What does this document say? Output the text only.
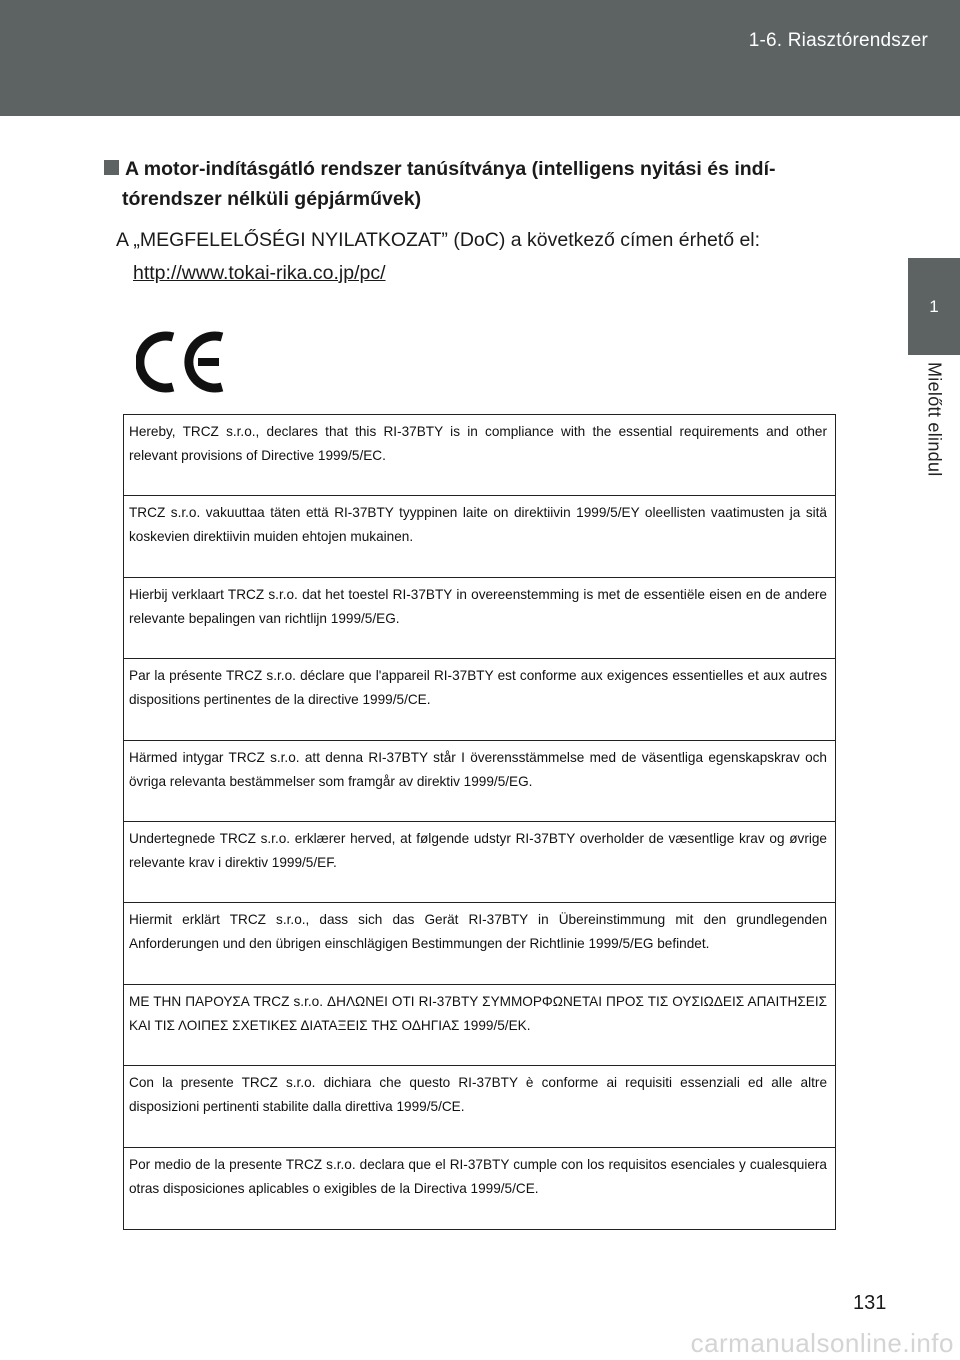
1-6. Riasztórendszer
1
Mielőtt elindul
A motor-indításgátló rendszer tanúsítványa (intelligens nyitási és indí-
tórendszer nélküli gépjárművek)
A „MEGFELELŐSÉGI NYILATKOZAT” (DoC) a következő címen érhető el:
http://www.tokai-rika.co.jp/pc/
Hereby, TRCZ s.r.o., declares that this RI-37BTY is in compliance with the essential requirements and other relevant provisions of Directive 1999/5/EC.
TRCZ s.r.o. vakuuttaa täten että RI-37BTY tyyppinen laite on direktiivin 1999/5/EY oleellisten vaatimusten ja sitä koskevien direktiivin muiden ehtojen mukainen.
Hierbij verklaart TRCZ s.r.o. dat het toestel RI-37BTY in overeenstemming is met de essentiële eisen en de andere relevante bepalingen van richtlijn 1999/5/EG.
Par la présente TRCZ s.r.o. déclare que l'appareil RI-37BTY est conforme aux exigences essentielles et aux autres dispositions pertinentes de la directive 1999/5/CE.
Härmed intygar TRCZ s.r.o. att denna RI-37BTY står I överensstämmelse med de väsentliga egenskapskrav och övriga relevanta bestämmelser som framgår av direktiv 1999/5/EG.
Undertegnede TRCZ s.r.o. erklærer herved, at følgende udstyr RI-37BTY overholder de væsentlige krav og øvrige relevante krav i direktiv 1999/5/EF.
Hiermit erklärt TRCZ s.r.o., dass sich das Gerät RI-37BTY in Übereinstimmung mit den grundlegenden Anforderungen und den übrigen einschlägigen Bestimmungen der Richtlinie 1999/5/EG befindet.
ΜΕ ΤΗΝ ΠΑΡΟΥΣΑ TRCZ s.r.o. ΔΗΛΩΝΕΙ ΟΤΙ RI-37BTY ΣΥΜΜΟΡΦΩΝΕΤΑΙ ΠΡΟΣ ΤΙΣ ΟΥΣΙΩΔΕΙΣ ΑΠΑΙΤΗΣΕΙΣ ΚΑΙ ΤΙΣ ΛΟΙΠΕΣ ΣΧΕΤΙΚΕΣ ΔΙΑΤΑΞΕΙΣ ΤΗΣ ΟΔΗΓΙΑΣ 1999/5/ΕΚ.
Con la presente TRCZ s.r.o. dichiara che questo RI-37BTY è conforme ai requisiti essenziali ed alle altre disposizioni pertinenti stabilite dalla direttiva 1999/5/CE.
Por medio de la presente TRCZ s.r.o. declara que el RI-37BTY cumple con los requisitos esenciales y cualesquiera otras disposiciones aplicables o exigibles de la Directiva 1999/5/CE.
131
carmanualsonline.info
